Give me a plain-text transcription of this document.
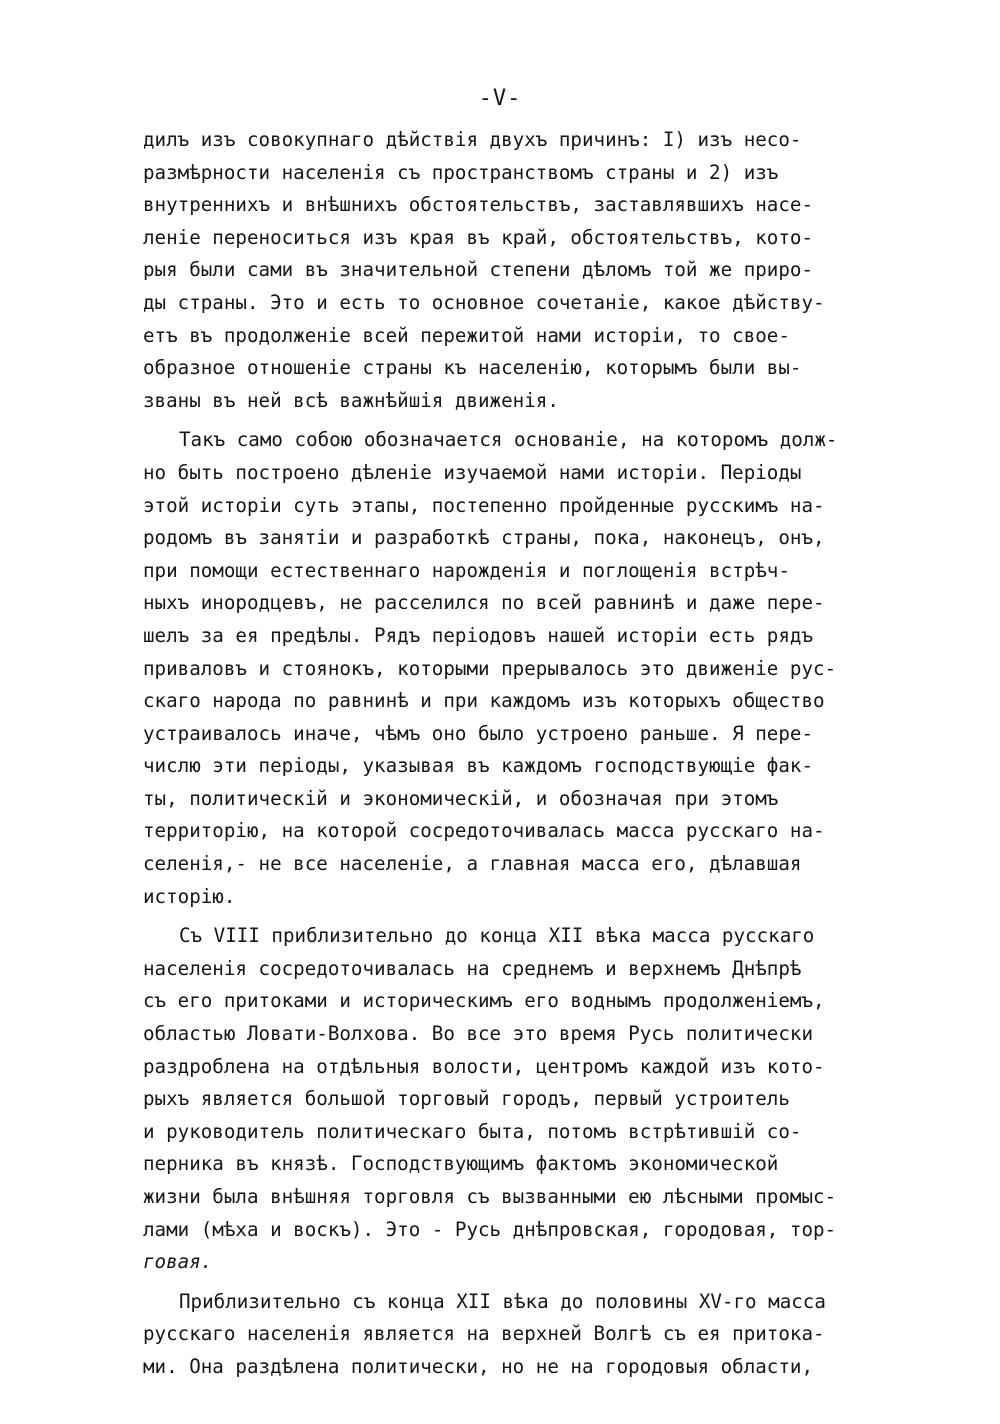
-V-
дилъ изъ совокупнаго дѣйствія двухъ причинъ: I) изъ несо-
размѣрности населенія съ пространствомъ страны и 2) изъ
внутреннихъ и внѣшнихъ обстоятельствъ, заставлявшихъ насе-
леніе переноситься изъ края въ край, обстоятельствъ, кото-
рыя были сами въ значительной степени дѣломъ той же приро-
ды страны. Это и есть то основное сочетаніе, какое дѣйству-
етъ въ продолженіе всей пережитой нами исторіи, то свое-
образное отношеніе страны къ населенію, которымъ были вы-
званы въ ней всѣ важнѣйшія движенія.
Такъ само собою обозначается основаніе, на которомъ долж-
но быть построено дѣленіе изучаемой нами исторіи. Періоды
этой исторіи суть этапы, постепенно пройденные русскимъ на-
родомъ въ занятіи и разработкѣ страны, пока, наконецъ, онъ,
при помощи естественнаго нарожденія и поглощенія встрѣч-
ныхъ инородцевъ, не расселился по всей равнинѣ и даже пере-
шелъ за ея предѣлы. Рядъ періодовъ нашей исторіи есть рядъ
приваловъ и стоянокъ, которыми прерывалось это движеніе рус-
скаго народа по равнинѣ и при каждомъ изъ которыхъ общество
устраивалось иначе, чѣмъ оно было устроено раньше. Я пере-
числю эти періоды, указывая въ каждомъ господствующіе фак-
ты, политическій и экономическій, и обозначая при этомъ
территорію, на которой сосредоточивалась масса русскаго на-
селенія,- не все населеніе, а главная масса его, дѣлавшая
исторію.
Съ VIII приблизительно до конца XII вѣка масса русскаго
населенія сосредоточивалась на среднемъ и верхнемъ Днѣпрѣ
съ его притоками и историческимъ его воднымъ продолженіемъ,
областью Ловати-Волхова. Во все это время Русь политически
раздроблена на отдѣльныя волости, центромъ каждой изъ кото-
рыхъ является большой торговый городъ, первый устроитель
и руководитель политическаго быта, потомъ встрѣтившій со-
перника въ князѣ. Господствующимъ фактомъ экономической
жизни была внѣшняя торговля съ вызванными ею лѣсными промыс-
лами (мѣха и воскъ). Это - Русь днѣпровская, городовая, тор-
говая.
Приблизительно съ конца XII вѣка до половины XV-го масса
русскаго населенія является на верхней Волгѣ съ ея притока-
ми. Она раздѣлена политически, но не на городовыя области,
